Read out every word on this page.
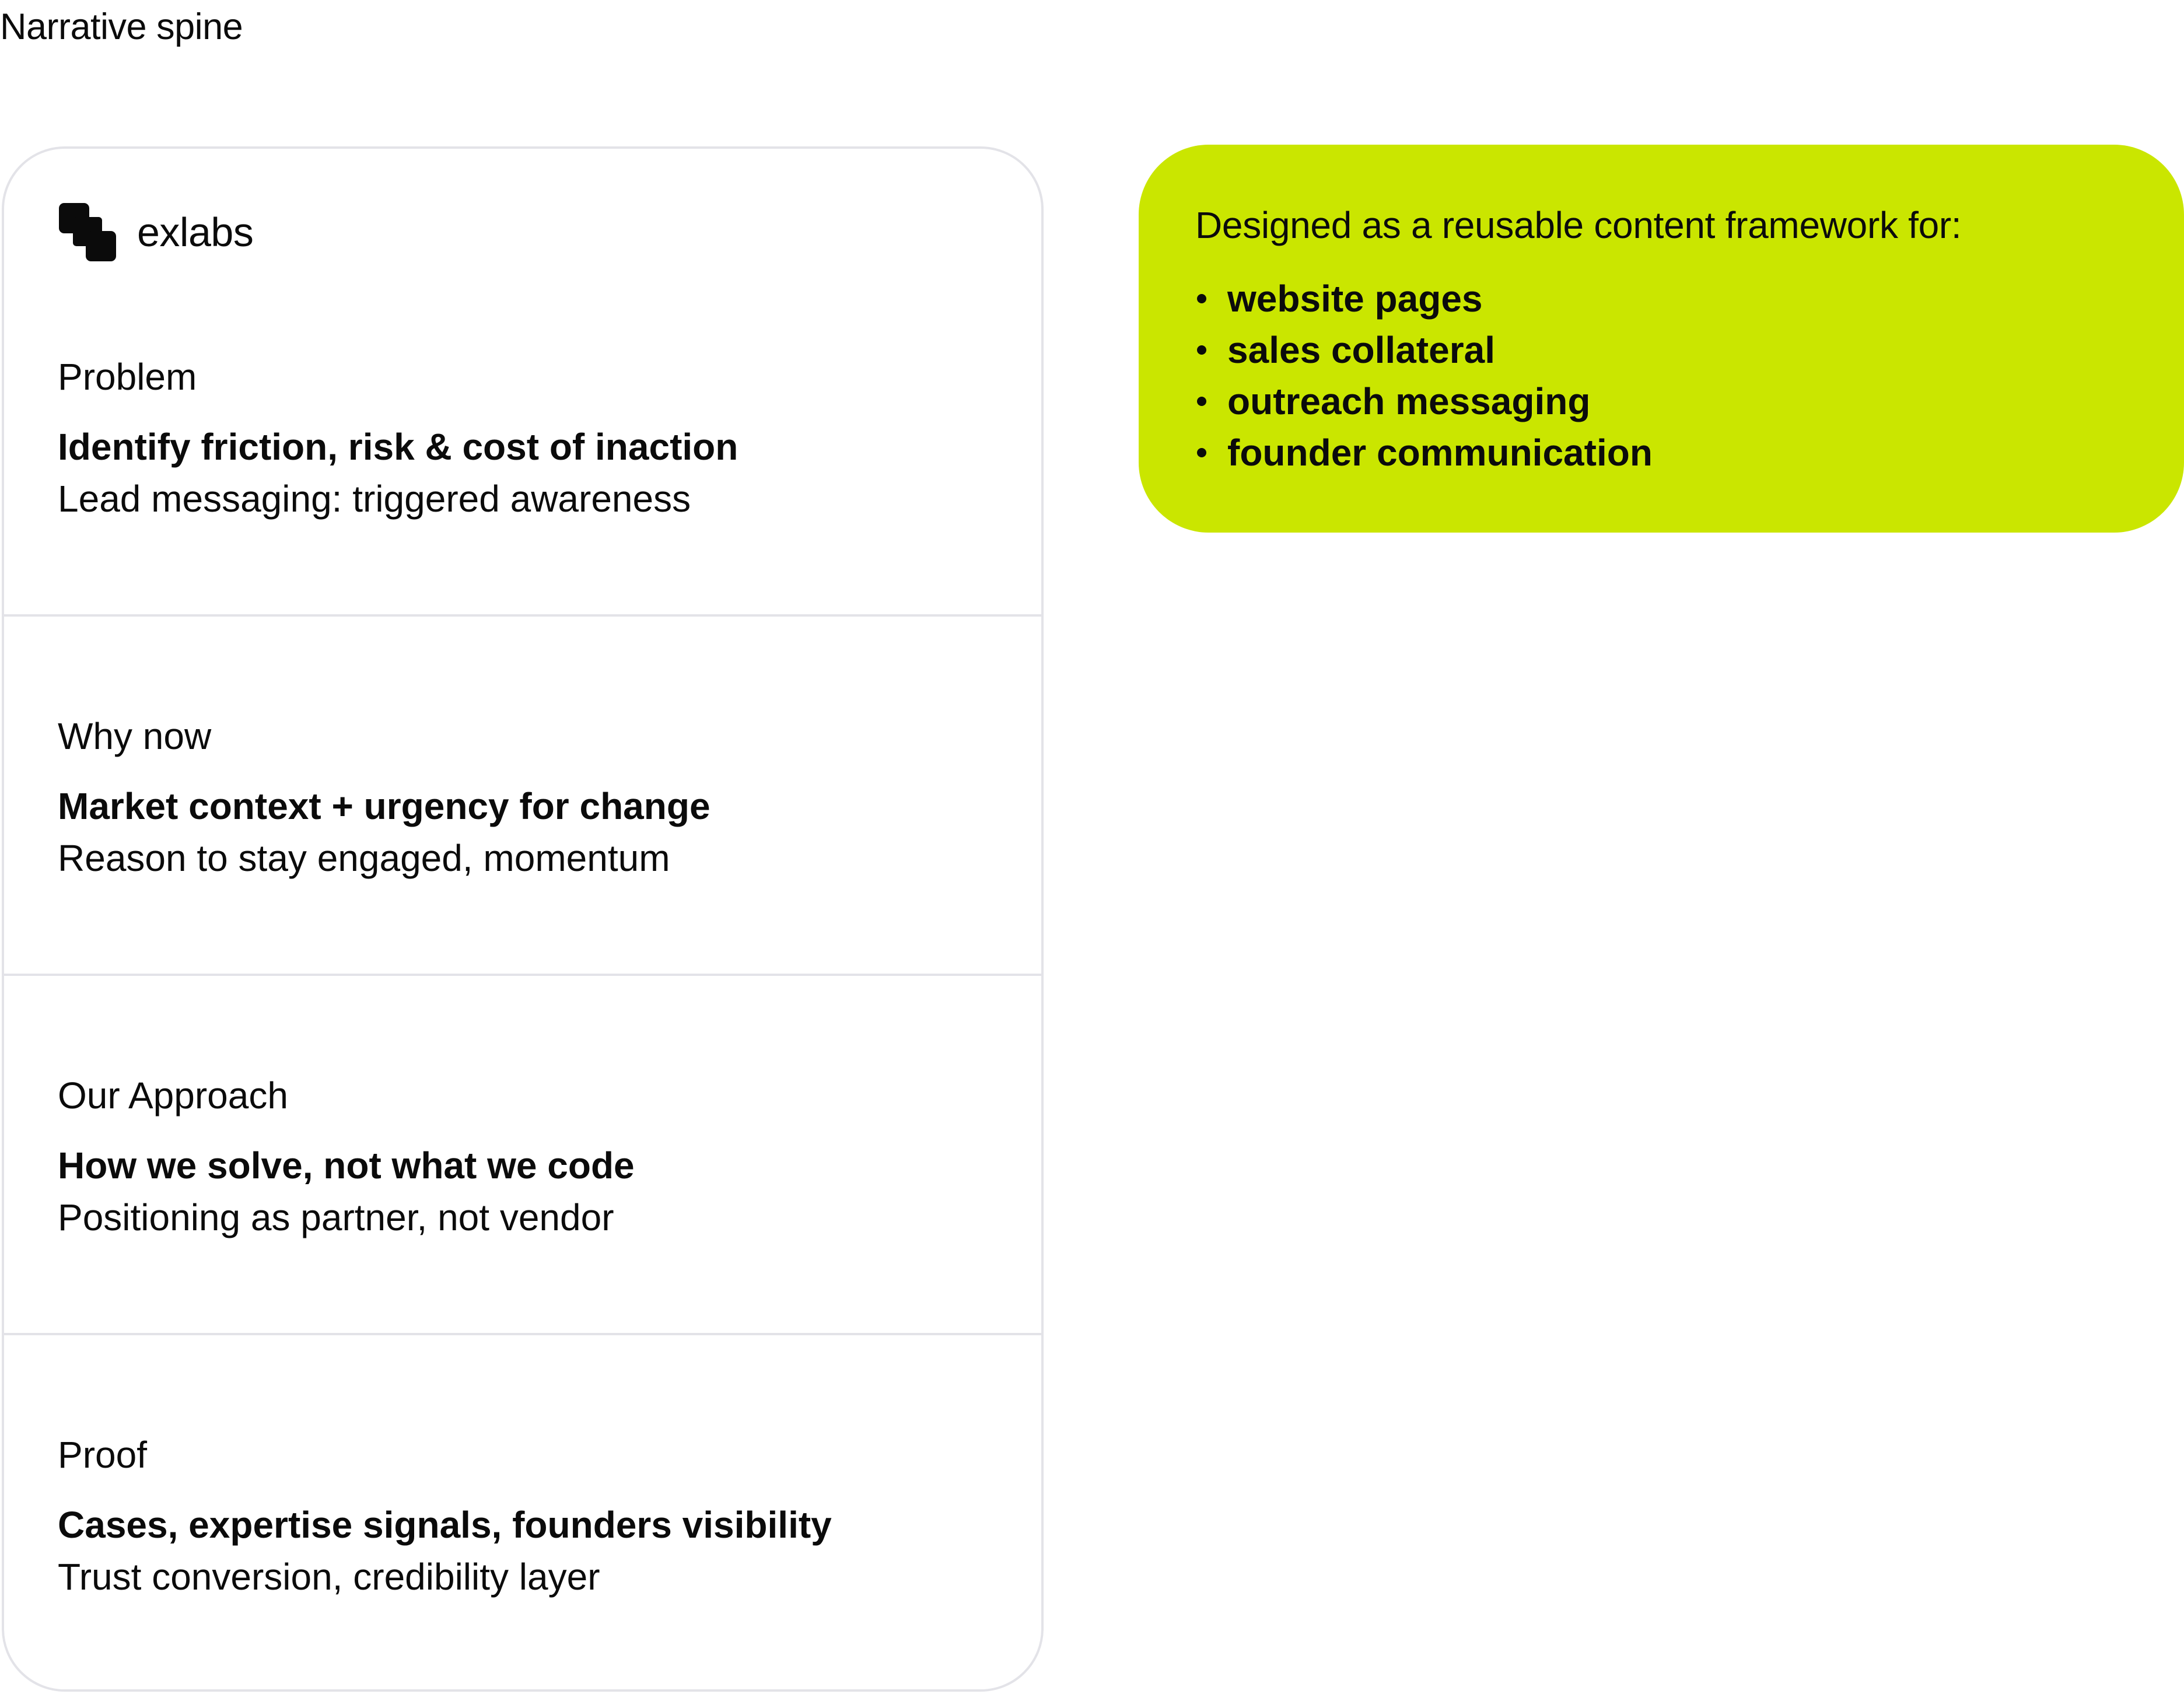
Narrative spine
exlabs
Problem
Identify friction, risk & cost of inaction
Lead messaging: triggered awareness
Why now
Market context + urgency for change
Reason to stay engaged, momentum
Our Approach
How we solve, not what we code
Positioning as partner, not vendor
Proof
Cases, expertise signals, founders visibility
Trust conversion, credibility layer
Designed as a reusable content framework for:
website pages
sales collateral
outreach messaging
founder communication
